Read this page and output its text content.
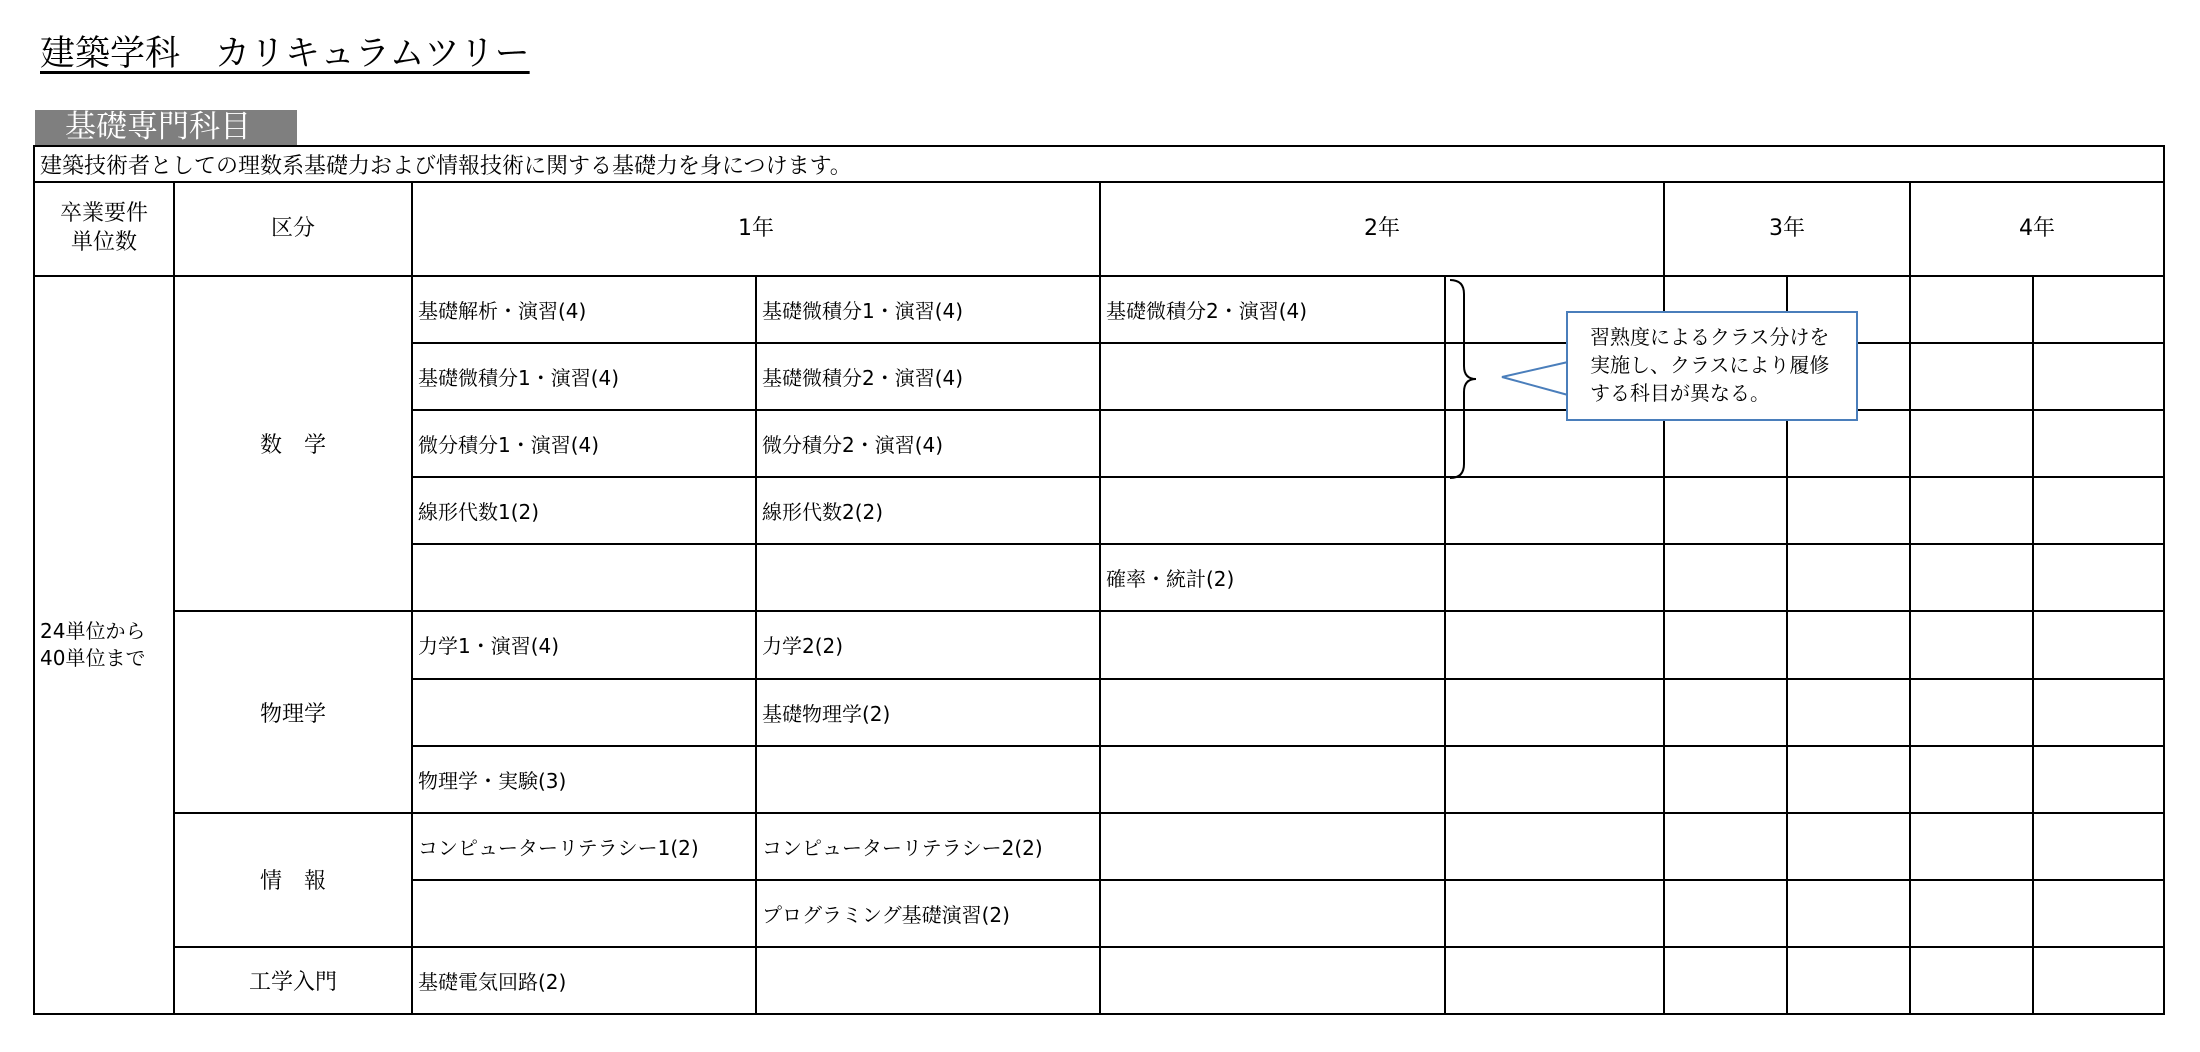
建築学科　カリキュラムツリー
基礎専門科目
建築技術者としての理数系基礎力および情報技術に関する基礎力を身につけます。									

卒業要件
単位数	区分	1年		2年		3年		4年	

24単位から
40単位まで	数　学	基礎解析・演習(4)	基礎微積分1・演習(4)	基礎微積分2・演習(4)					
		基礎微積分1・演習(4)	基礎微積分2・演習(4)						
		微分積分1・演習(4)	微分積分2・演習(4)						
		線形代数1(2)	線形代数2(2)						
				確率・統計(2)					
	物理学	力学1・演習(4)	力学2(2)						
			基礎物理学(2)						
		物理学・実験(3)							
	情　報	コンピューターリテラシー1(2)	コンピューターリテラシー2(2)						
			プログラミング基礎演習(2)						
	工学入門	基礎電気回路(2)							
習熟度によるクラス分けを
実施し、クラスにより履修
する科目が異なる。
